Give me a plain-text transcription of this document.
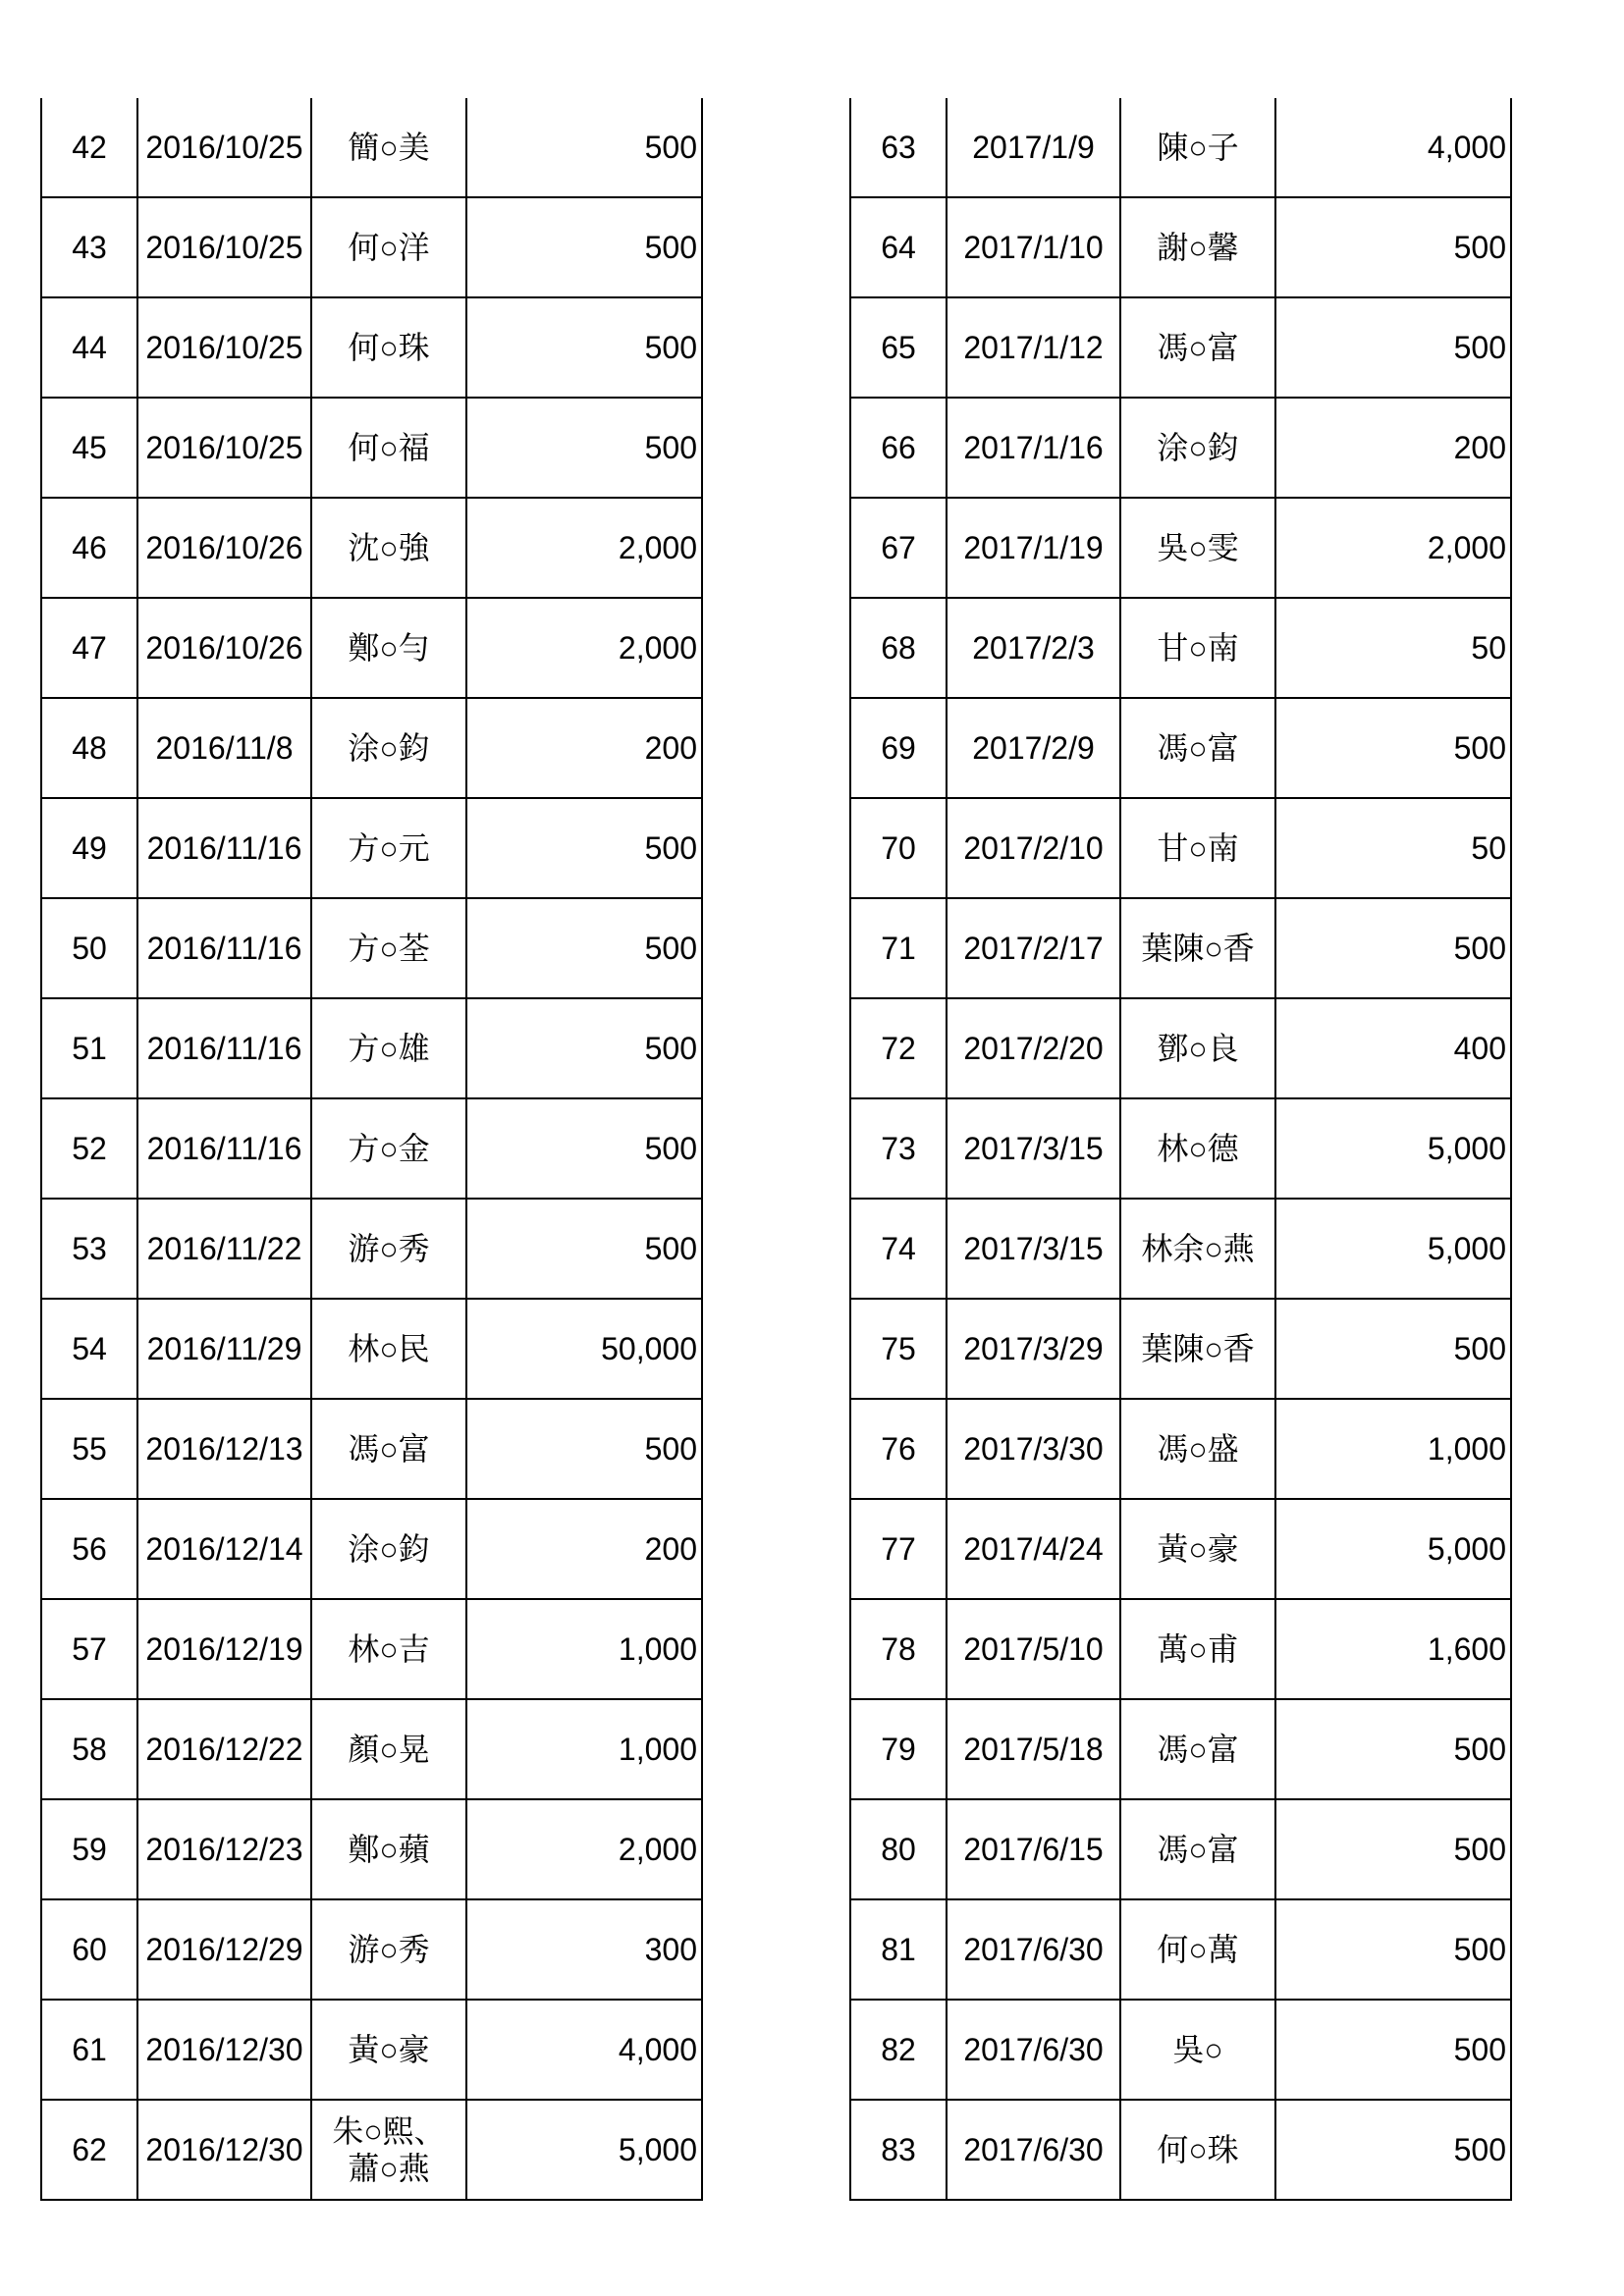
42	2016/10/25	簡○美	500
43	2016/10/25	何○洋	500
44	2016/10/25	何○珠	500
45	2016/10/25	何○福	500
46	2016/10/26	沈○強	2,000
47	2016/10/26	鄭○勻	2,000
48	2016/11/8	涂○鈞	200
49	2016/11/16	方○元	500
50	2016/11/16	方○荃	500
51	2016/11/16	方○雄	500
52	2016/11/16	方○金	500
53	2016/11/22	游○秀	500
54	2016/11/29	林○民	50,000
55	2016/12/13	馮○富	500
56	2016/12/14	涂○鈞	200
57	2016/12/19	林○吉	1,000
58	2016/12/22	顏○晃	1,000
59	2016/12/23	鄭○蘋	2,000
60	2016/12/29	游○秀	300
61	2016/12/30	黃○豪	4,000
62	2016/12/30	朱○熙、
蕭○燕	5,000
63	2017/1/9	陳○子	4,000
64	2017/1/10	謝○馨	500
65	2017/1/12	馮○富	500
66	2017/1/16	涂○鈞	200
67	2017/1/19	吳○雯	2,000
68	2017/2/3	甘○南	50
69	2017/2/9	馮○富	500
70	2017/2/10	甘○南	50
71	2017/2/17	葉陳○香	500
72	2017/2/20	鄧○良	400
73	2017/3/15	林○德	5,000
74	2017/3/15	林余○燕	5,000
75	2017/3/29	葉陳○香	500
76	2017/3/30	馮○盛	1,000
77	2017/4/24	黃○豪	5,000
78	2017/5/10	萬○甫	1,600
79	2017/5/18	馮○富	500
80	2017/6/15	馮○富	500
81	2017/6/30	何○萬	500
82	2017/6/30	吳○	500
83	2017/6/30	何○珠	500
